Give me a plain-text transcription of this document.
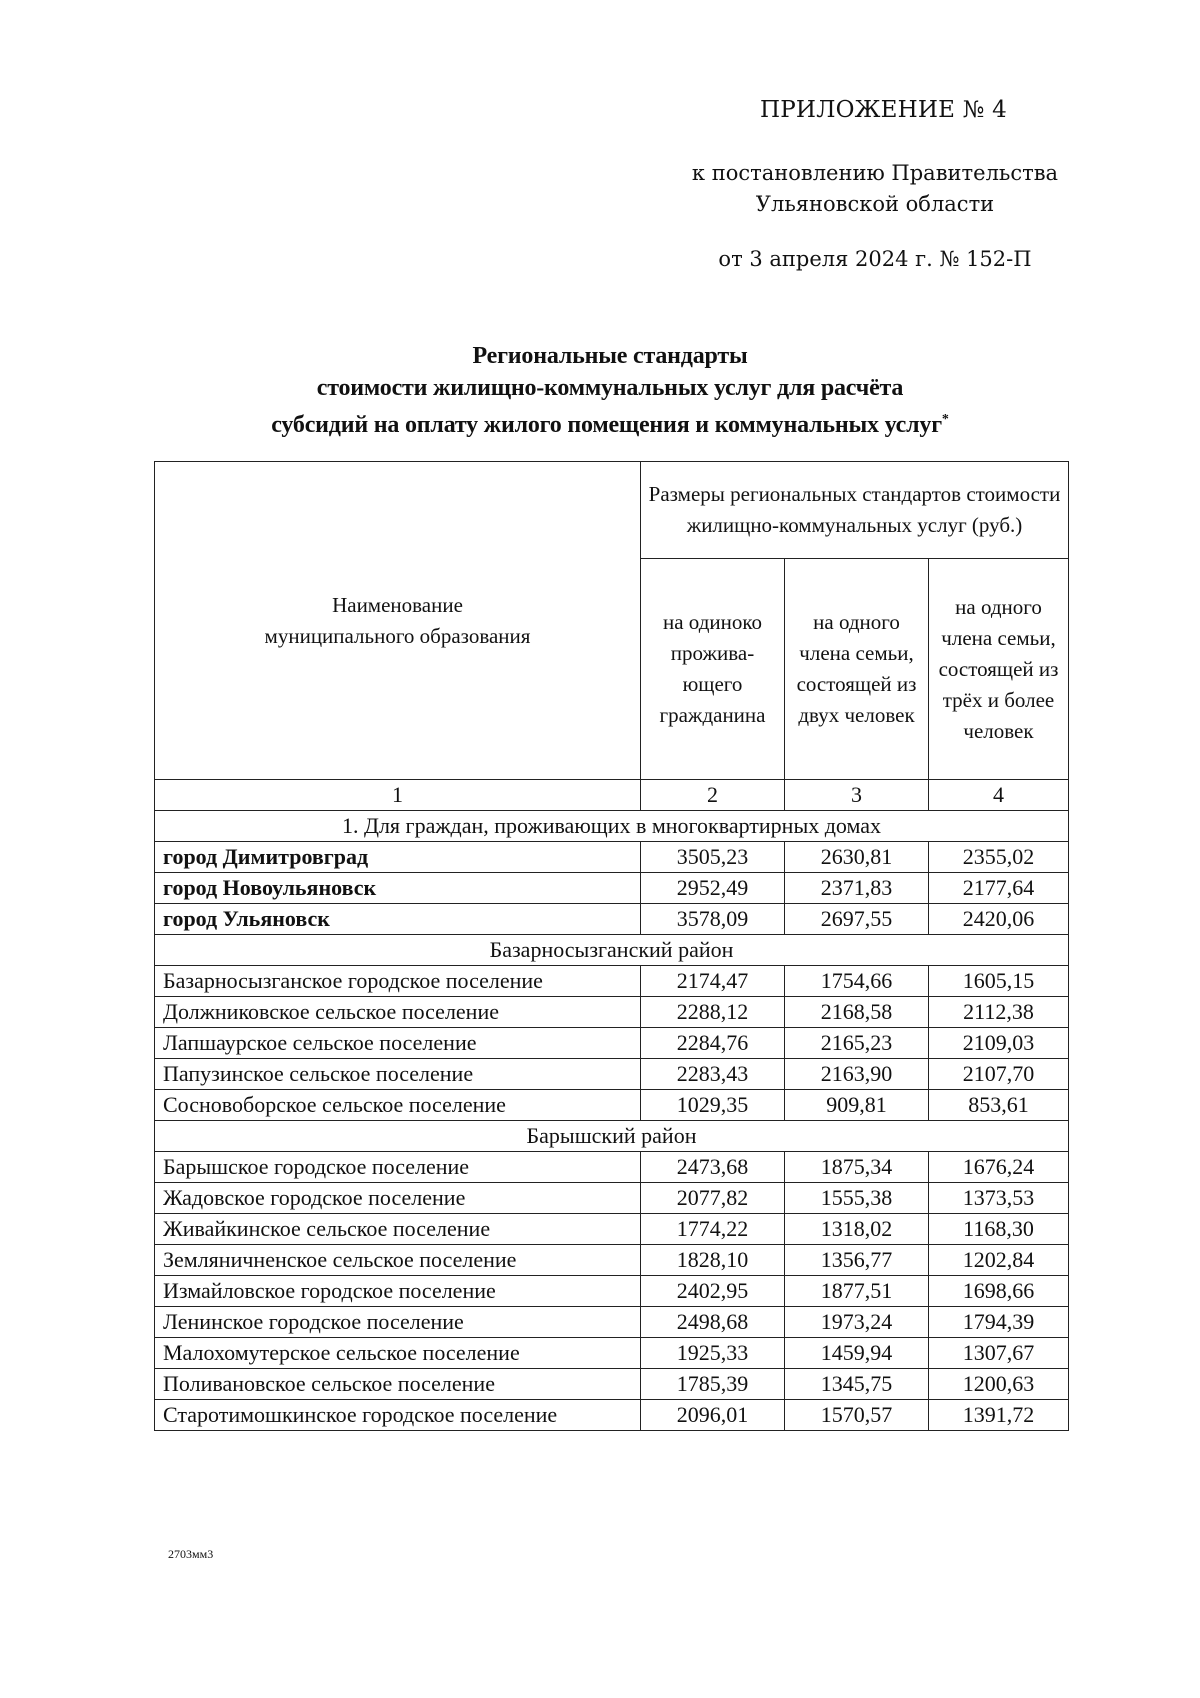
ПРИЛОЖЕНИЕ № 4
к постановлению Правительства
Ульяновской области
от 3 апреля 2024 г. № 152-П
Региональные стандарты
стоимости жилищно-коммунальных услуг для расчёта
субсидий на оплату жилого помещения и коммунальных услуг*
Наименование
муниципального образования	Размеры региональных стандартов стоимости жилищно-коммунальных услуг (руб.)		
	на одиноко прожива-ющего гражданина	на одного члена семьи, состоящей из двух человек	на одного члена семьи, состоящей из трёх и более человек
1	2	3	4
1. Для граждан, проживающих в многоквартирных домах			
город Димитровград	3505,23	2630,81	2355,02
город Новоульяновск	2952,49	2371,83	2177,64
город Ульяновск	3578,09	2697,55	2420,06
Базарносызганский район			
Базарносызганское городское поселение	2174,47	1754,66	1605,15
Должниковское сельское поселение	2288,12	2168,58	2112,38
Лапшаурское сельское поселение	2284,76	2165,23	2109,03
Папузинское сельское поселение	2283,43	2163,90	2107,70
Сосновоборское сельское поселение	1029,35	909,81	853,61
Барышский район			
Барышское городское поселение	2473,68	1875,34	1676,24
Жадовское городское поселение	2077,82	1555,38	1373,53
Живайкинское сельское поселение	1774,22	1318,02	1168,30
Земляничненское сельское поселение	1828,10	1356,77	1202,84
Измайловское городское поселение	2402,95	1877,51	1698,66
Ленинское городское поселение	2498,68	1973,24	1794,39
Малохомутерское сельское поселение	1925,33	1459,94	1307,67
Поливановское сельское поселение	1785,39	1345,75	1200,63
Старотимошкинское городское поселение	2096,01	1570,57	1391,72
2703мм3
